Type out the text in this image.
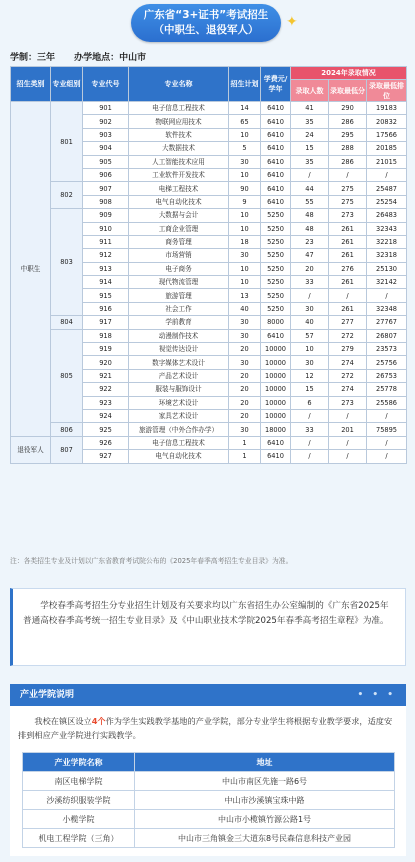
广东省“3+证书”考试招生
（中职生、退役军人）	✦
学制：三年 办学地点：中山市
招生类别	专业组别	专业代号	专业名称	招生计划	学费元/学年	2024年录取情况		
						录取人数	录取最低分	录取最低排位
中职生	801	901	电子信息工程技术	14	6410	41	290	19183
		902	物联网应用技术	65	6410	35	286	20832
		903	软件技术	10	6410	24	295	17566
		904	大数据技术	5	6410	15	288	20185
		905	人工智能技术应用	30	6410	35	286	21015
		906	工业软件开发技术	10	6410	/	/	/
	802	907	电梯工程技术	90	6410	44	275	25487
		908	电气自动化技术	9	6410	55	275	25254
	803	909	大数据与会计	10	5250	48	273	26483
		910	工商企业管理	10	5250	48	261	32343
		911	商务管理	18	5250	23	261	32218
		912	市场营销	30	5250	47	261	32318
		913	电子商务	10	5250	20	276	25130
		914	现代物流管理	10	5250	33	261	32142
		915	旅游管理	13	5250	/	/	/
		916	社会工作	40	5250	30	261	32348
	804	917	学前教育	30	8000	40	277	27767
	805	918	动漫制作技术	30	6410	57	272	26807
		919	视觉传达设计	20	10000	10	279	23573
		920	数字媒体艺术设计	30	10000	30	274	25756
		921	产品艺术设计	20	10000	12	272	26753
		922	服装与服饰设计	20	10000	15	274	25778
		923	环境艺术设计	20	10000	6	273	25586
		924	家具艺术设计	20	10000	/	/	/
	806	925	旅游管理（中外合作办学）	30	18000	33	201	75895
退役军人	807	926	电子信息工程技术	1	6410	/	/	/
		927	电气自动化技术	1	6410	/	/	/
注：各类招生专业及计划以广东省教育考试院公布的《2025年春季高考招生专业目录》为准。
学校春季高考招生分专业招生计划及有关要求均以广东省招生办公室编制的《广东省2025年普通高校春季高考统一招生专业目录》及《中山职业技术学院2025年春季高考招生章程》为准。
产业学院说明	• • •
我校在镇区设立4个作为学生实践教学基地的产业学院，部分专业学生将根据专业教学要求，适度安排到相应产业学院进行实践教学。
产业学院名称	地址
南区电梯学院	中山市南区先施一路6号
沙溪纺织服装学院	中山市沙溪镇宝珠中路
小榄学院	中山市小榄镇竹源公路1号
机电工程学院（三角）	中山市三角镇金三大道东8号民森信息科技产业园
